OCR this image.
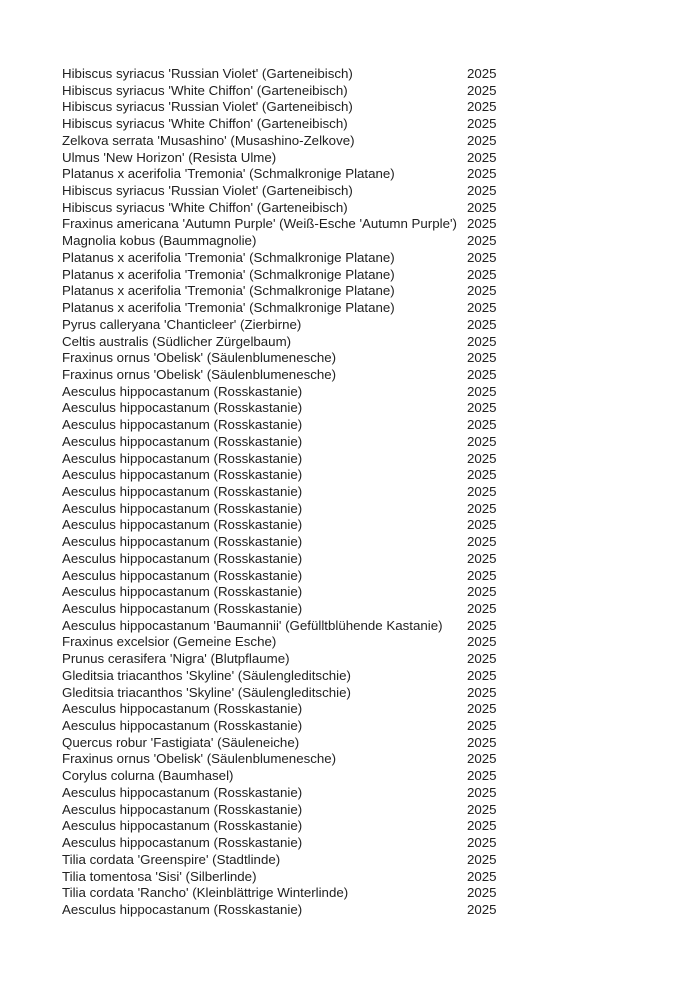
Hibiscus syriacus 'Russian Violet' (Garteneibisch)	2025
Hibiscus syriacus 'White Chiffon' (Garteneibisch)	2025
Hibiscus syriacus 'Russian Violet' (Garteneibisch)	2025
Hibiscus syriacus 'White Chiffon' (Garteneibisch)	2025
Zelkova serrata 'Musashino' (Musashino-Zelkove)	2025
Ulmus 'New Horizon' (Resista Ulme)	2025
Platanus x acerifolia 'Tremonia' (Schmalkronige Platane)	2025
Hibiscus syriacus 'Russian Violet' (Garteneibisch)	2025
Hibiscus syriacus 'White Chiffon' (Garteneibisch)	2025
Fraxinus americana 'Autumn Purple' (Weiß-Esche 'Autumn Purple') 2025
Magnolia kobus (Baummagnolie)	2025
Platanus x acerifolia 'Tremonia' (Schmalkronige Platane)	2025
Platanus x acerifolia 'Tremonia' (Schmalkronige Platane)	2025
Platanus x acerifolia 'Tremonia' (Schmalkronige Platane)	2025
Platanus x acerifolia 'Tremonia' (Schmalkronige Platane)	2025
Pyrus calleryana 'Chanticleer' (Zierbirne)	2025
Celtis australis (Südlicher Zürgelbaum)	2025
Fraxinus ornus 'Obelisk' (Säulenblumenesche)	2025
Fraxinus ornus 'Obelisk' (Säulenblumenesche)	2025
Aesculus hippocastanum (Rosskastanie)	2025
Aesculus hippocastanum (Rosskastanie)	2025
Aesculus hippocastanum (Rosskastanie)	2025
Aesculus hippocastanum (Rosskastanie)	2025
Aesculus hippocastanum (Rosskastanie)	2025
Aesculus hippocastanum (Rosskastanie)	2025
Aesculus hippocastanum (Rosskastanie)	2025
Aesculus hippocastanum (Rosskastanie)	2025
Aesculus hippocastanum (Rosskastanie)	2025
Aesculus hippocastanum (Rosskastanie)	2025
Aesculus hippocastanum (Rosskastanie)	2025
Aesculus hippocastanum (Rosskastanie)	2025
Aesculus hippocastanum (Rosskastanie)	2025
Aesculus hippocastanum (Rosskastanie)	2025
Aesculus hippocastanum 'Baumannii' (Gefülltblühende Kastanie)	2025
Fraxinus excelsior (Gemeine Esche)	2025
Prunus cerasifera 'Nigra' (Blutpflaume)	2025
Gleditsia triacanthos 'Skyline' (Säulengleditschie)	2025
Gleditsia triacanthos 'Skyline' (Säulengleditschie)	2025
Aesculus hippocastanum (Rosskastanie)	2025
Aesculus hippocastanum (Rosskastanie)	2025
Quercus robur 'Fastigiata' (Säuleneiche)	2025
Fraxinus ornus 'Obelisk' (Säulenblumenesche)	2025
Corylus colurna (Baumhasel)	2025
Aesculus hippocastanum (Rosskastanie)	2025
Aesculus hippocastanum (Rosskastanie)	2025
Aesculus hippocastanum (Rosskastanie)	2025
Aesculus hippocastanum (Rosskastanie)	2025
Tilia cordata 'Greenspire' (Stadtlinde)	2025
Tilia tomentosa 'Sisi' (Silberlinde)	2025
Tilia cordata 'Rancho' (Kleinblättrige Winterlinde)	2025
Aesculus hippocastanum (Rosskastanie)	2025
